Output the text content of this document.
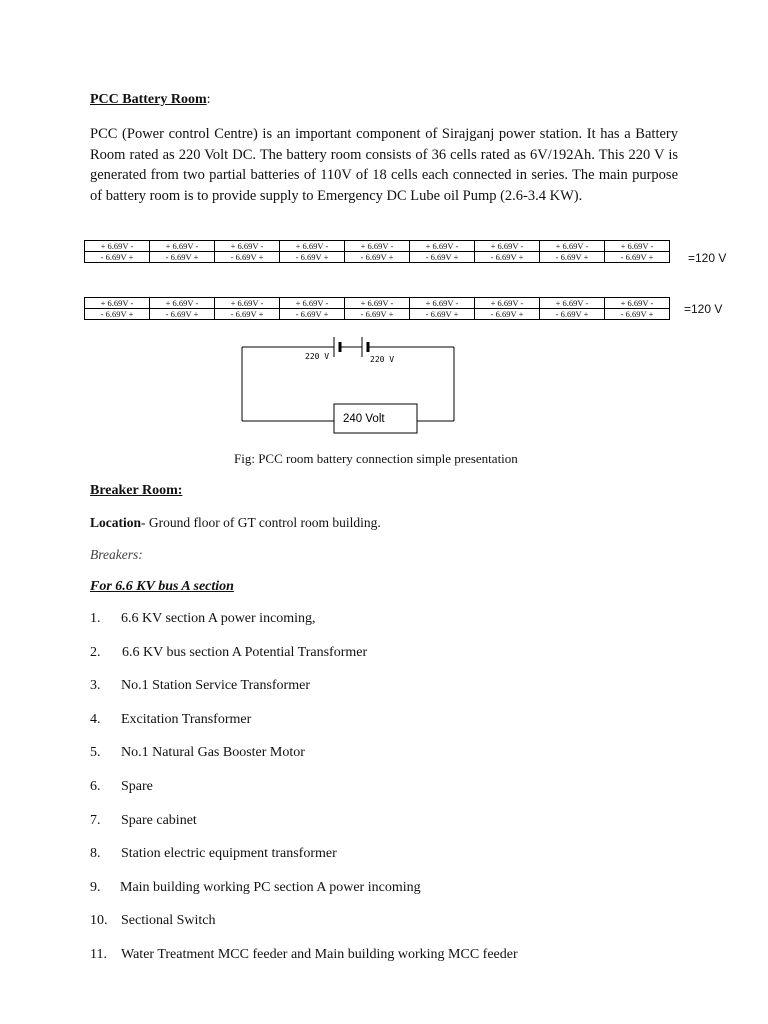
PCC Battery Room:
PCC (Power control Centre) is an important component of Sirajganj power station. It has a Battery Room rated as 220 Volt DC. The battery room consists of 36 cells rated as 6V/192Ah. This 220 V is generated from two partial batteries of 110V of 18 cells each connected in series. The main purpose of battery room is to provide supply to Emergency DC Lube oil Pump (2.6-3.4 KW).
+ 6.69V -	+ 6.69V -	+ 6.69V -	+ 6.69V -	+ 6.69V -	+ 6.69V -	+ 6.69V -	+ 6.69V -	+ 6.69V -
- 6.69V +	- 6.69V +	- 6.69V +	- 6.69V +	- 6.69V +	- 6.69V +	- 6.69V +	- 6.69V +	- 6.69V +	=120 V
+ 6.69V -	+ 6.69V -	+ 6.69V -	+ 6.69V -	+ 6.69V -	+ 6.69V -	+ 6.69V -	+ 6.69V -	+ 6.69V -
- 6.69V +	- 6.69V +	- 6.69V +	- 6.69V +	- 6.69V +	- 6.69V +	- 6.69V +	- 6.69V +	- 6.69V +	=120 V
220 V	220 V
240 Volt
Fig: PCC room battery connection simple presentation
Breaker Room:
Location- Ground floor of GT control room building.
Breakers:
For 6.6 KV bus A section
1. 6.6 KV section A power incoming,
2. 6.6 KV bus section A Potential Transformer
3. No.1 Station Service Transformer
4. Excitation Transformer
5. No.1 Natural Gas Booster Motor
6. Spare
7. Spare cabinet
8. Station electric equipment transformer
9. Main building working PC section A power incoming
10. Sectional Switch
11. Water Treatment MCC feeder and Main building working MCC feeder
